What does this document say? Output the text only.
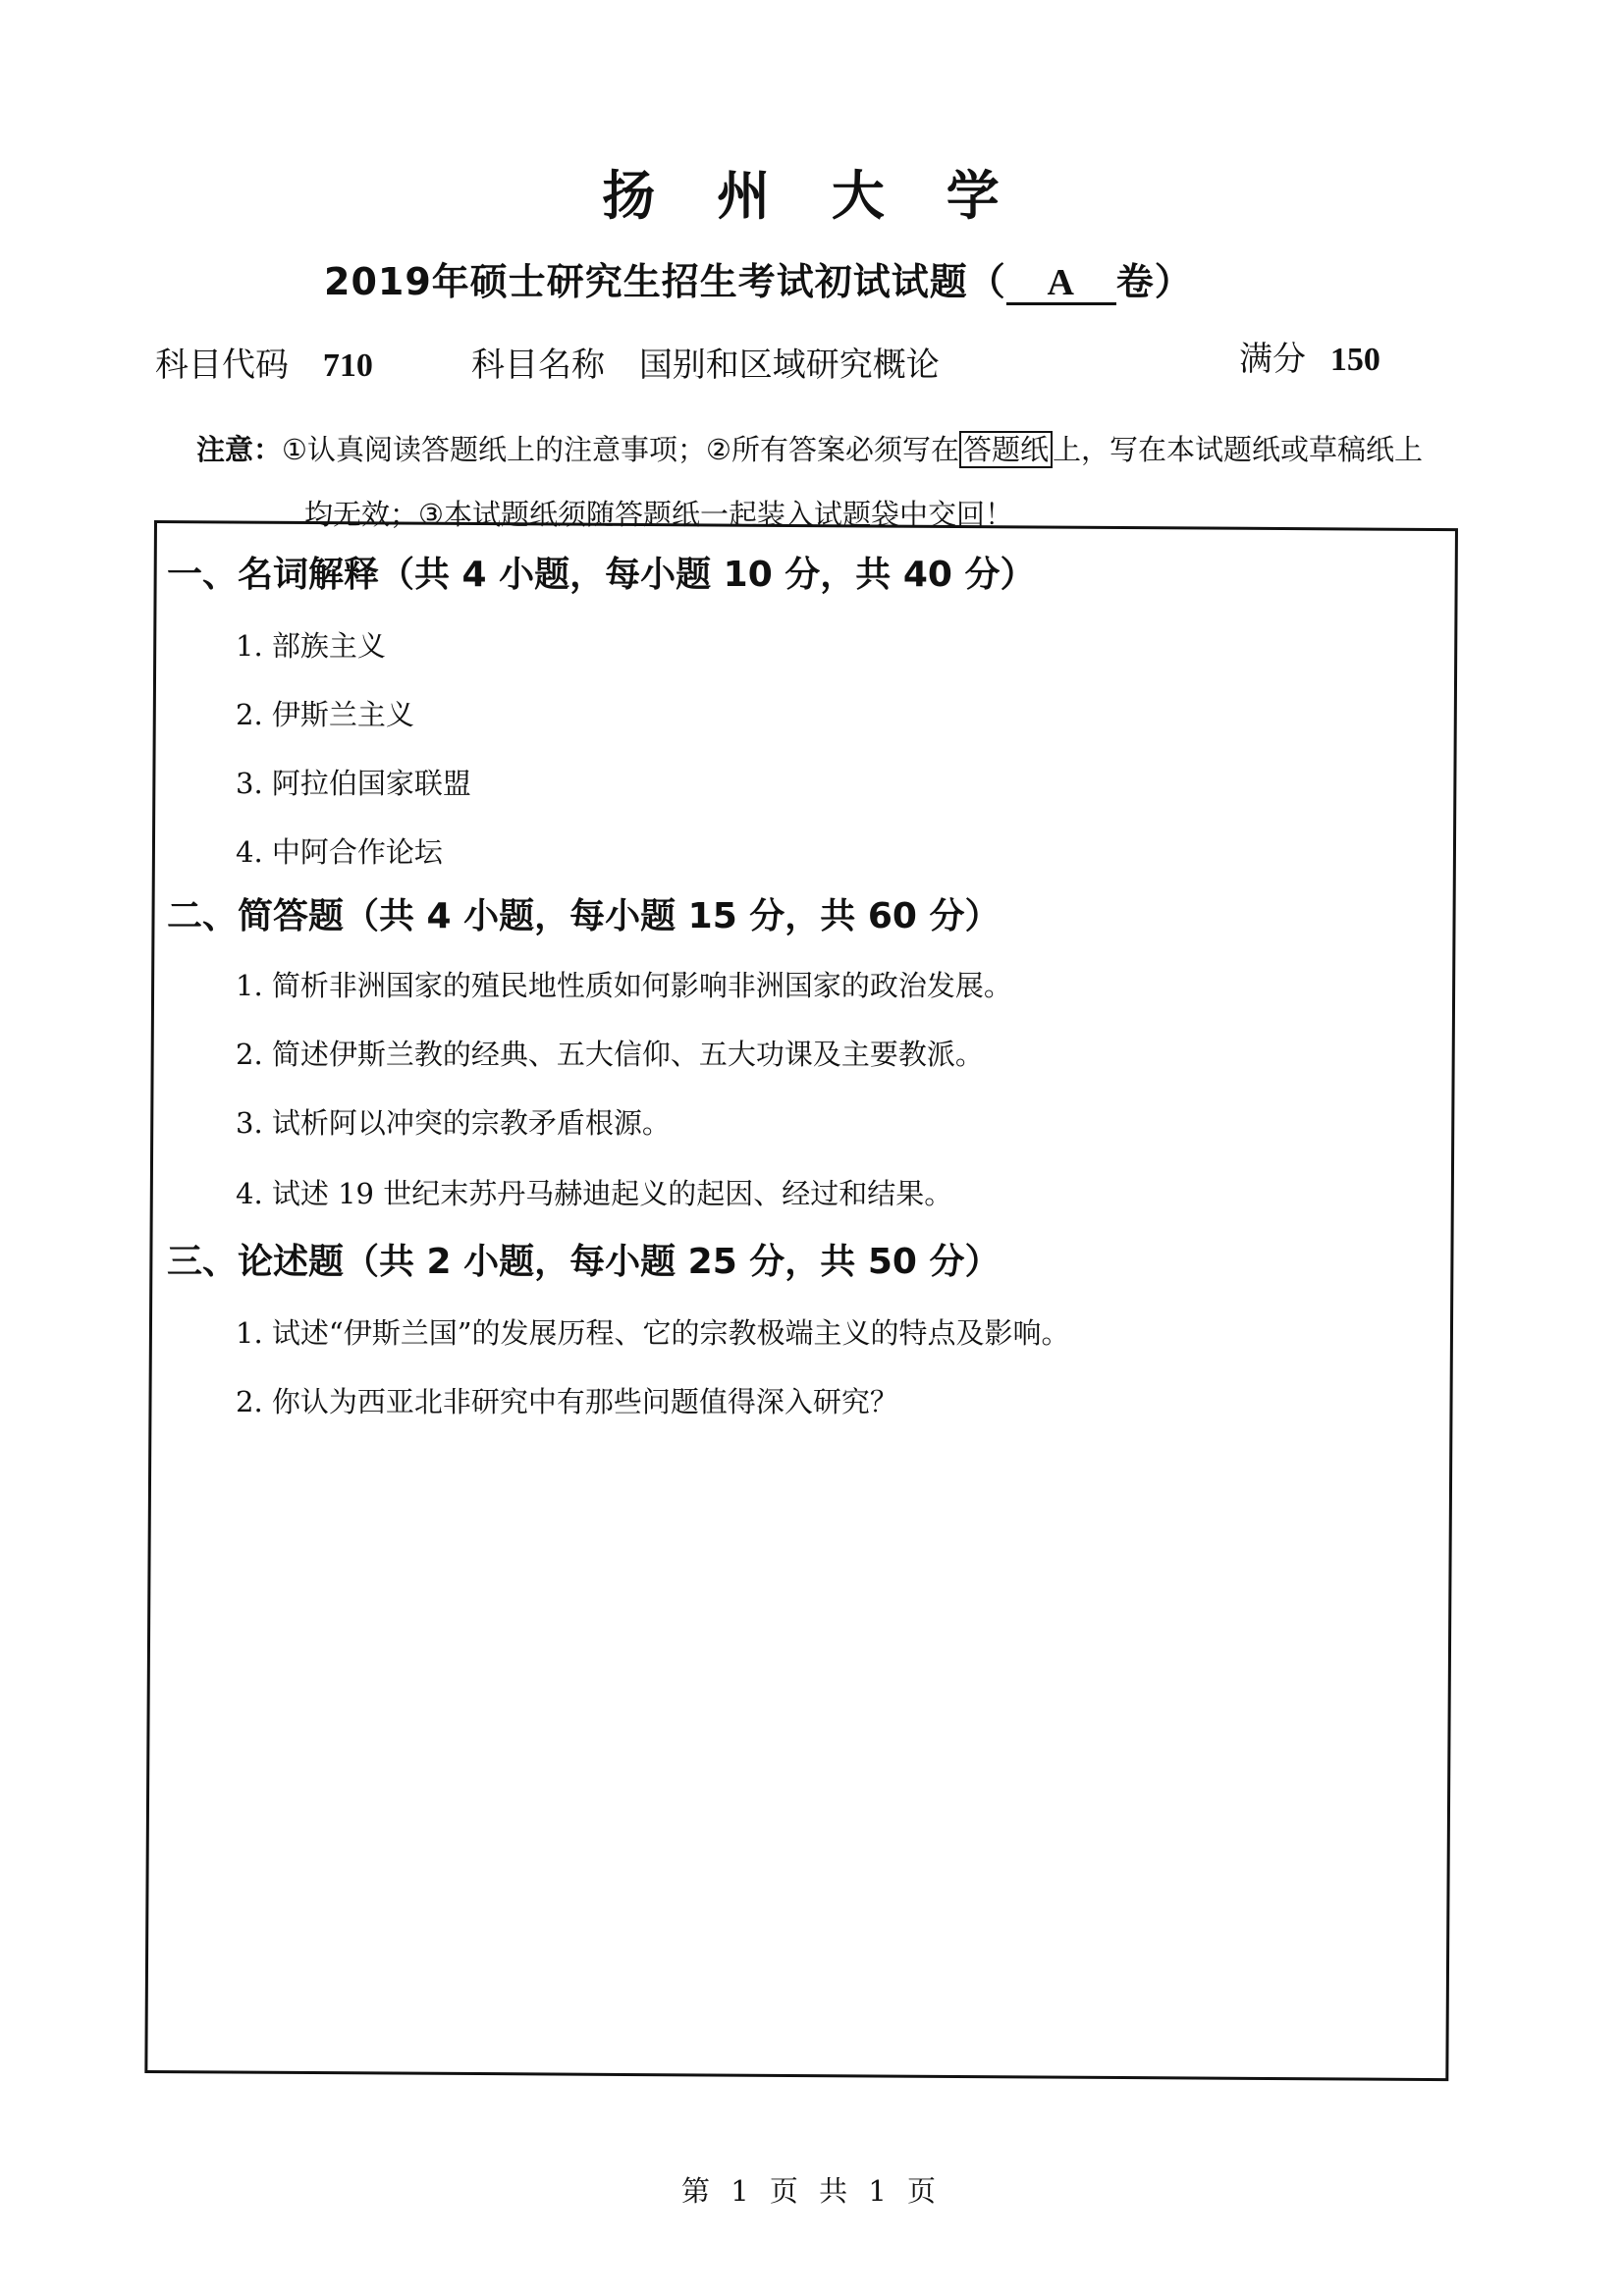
扬 州 大 学
2019年硕士研究生招生考试初试试题（ A 卷）
科目代码 710	科目名称 国别和区域研究概论	满分 150
注意：①认真阅读答题纸上的注意事项；②所有答案必须写在 答题纸 上，写在本试题纸或草稿纸上
均无效；③本试题纸须随答题纸一起装入试题袋中交回！
一、名词解释（共 4 小题，每小题 10 分，共 40 分）
1. 部族主义
2. 伊斯兰主义
3. 阿拉伯国家联盟
4. 中阿合作论坛
二、简答题（共 4 小题，每小题 15 分，共 60 分）
1. 简析非洲国家的殖民地性质如何影响非洲国家的政治发展。
2. 简述伊斯兰教的经典、五大信仰、五大功课及主要教派。
3. 试析阿以冲突的宗教矛盾根源。
4. 试述 19 世纪末苏丹马赫迪起义的起因、经过和结果。
三、论述题（共 2 小题，每小题 25 分，共 50 分）
1. 试述“伊斯兰国”的发展历程、它的宗教极端主义的特点及影响。
2. 你认为西亚北非研究中有那些问题值得深入研究？
第 1 页 共 1 页
